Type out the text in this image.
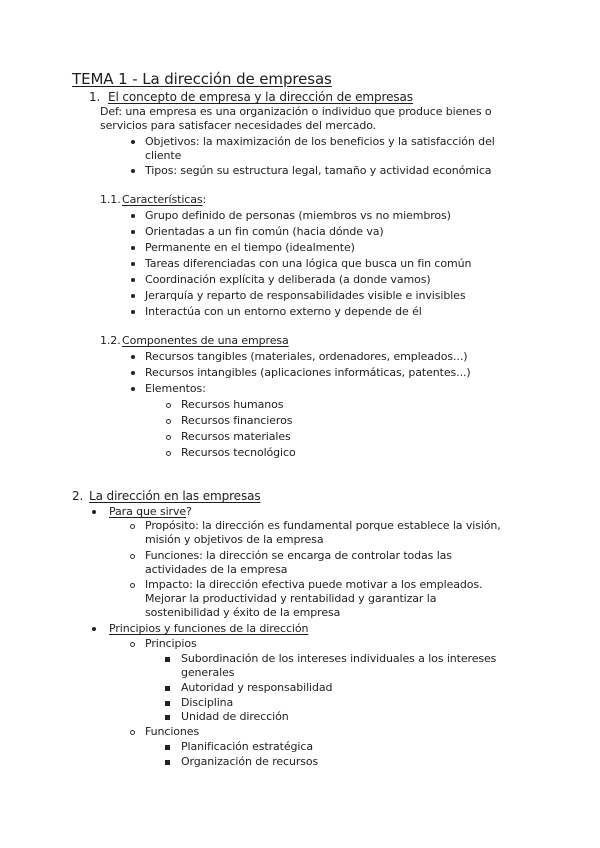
TEMA 1 - La dirección de empresas
1. El concepto de empresa y la dirección de empresas
Def: una empresa es una organización o individuo que produce bienes o
servicios para satisfacer necesidades del mercado.
Objetivos: la maximización de los beneficios y la satisfacción del
cliente
Tipos: según su estructura legal, tamaño y actividad económica
1.1. Características:
Grupo definido de personas (miembros vs no miembros)
Orientadas a un fin común (hacia dónde va)
Permanente en el tiempo (idealmente)
Tareas diferenciadas con una lógica que busca un fin común
Coordinación explícita y deliberada (a donde vamos)
Jerarquía y reparto de responsabilidades visible e invisibles
Interactúa con un entorno externo y depende de él
1.2. Componentes de una empresa
Recursos tangibles (materiales, ordenadores, empleados...)
Recursos intangibles (aplicaciones informáticas, patentes...)
Elementos:
Recursos humanos
Recursos financieros
Recursos materiales
Recursos tecnológico
2. La dirección en las empresas
Para que sirve?
Propósito: la dirección es fundamental porque establece la visión,
misión y objetivos de la empresa
Funciones: la dirección se encarga de controlar todas las
actividades de la empresa
Impacto: la dirección efectiva puede motivar a los empleados.
Mejorar la productividad y rentabilidad y garantizar la
sostenibilidad y éxito de la empresa
Principios y funciones de la dirección
Principios
Subordinación de los intereses individuales a los intereses
generales
Autoridad y responsabilidad
Disciplina
Unidad de dirección
Funciones
Planificación estratégica
Organización de recursos
